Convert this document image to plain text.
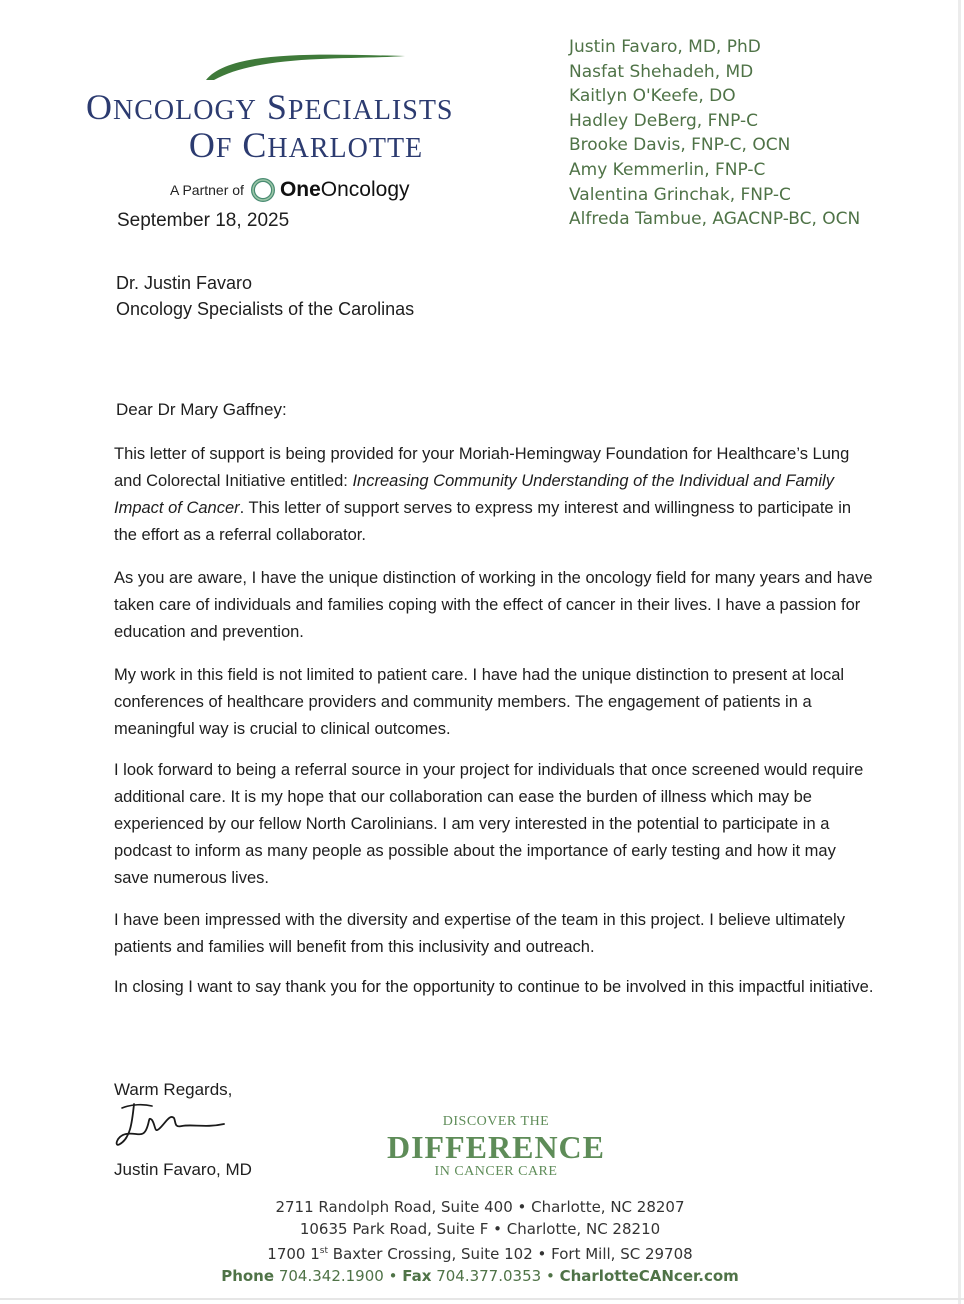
ONCOLOGY SPECIALISTS
OF CHARLOTTE
A Partner of One Oncology
September 18, 2025
Justin Favaro, MD, PhD
Nasfat Shehadeh, MD
Kaitlyn O'Keefe, DO
Hadley DeBerg, FNP-C
Brooke Davis, FNP-C, OCN
Amy Kemmerlin, FNP-C
Valentina Grinchak, FNP-C
Alfreda Tambue, AGACNP-BC, OCN
Dr. Justin Favaro
Oncology Specialists of the Carolinas
Dear Dr Mary Gaffney:

This letter of support is being provided for your Moriah-Hemingway Foundation for Healthcare’s Lung and Colorectal Initiative entitled: Increasing Community Understanding of the Individual and Family Impact of Cancer. This letter of support serves to express my interest and willingness to participate in the effort as a referral collaborator.

As you are aware, I have the unique distinction of working in the oncology field for many years and have taken care of individuals and families coping with the effect of cancer in their lives. I have a passion for education and prevention.

My work in this field is not limited to patient care. I have had the unique distinction to present at local conferences of healthcare providers and community members. The engagement of patients in a meaningful way is crucial to clinical outcomes.

I look forward to being a referral source in your project for individuals that once screened would require additional care. It is my hope that our collaboration can ease the burden of illness which may be experienced by our fellow North Carolinians. I am very interested in the potential to participate in a podcast to inform as many people as possible about the importance of early testing and how it may save numerous lives.

I have been impressed with the diversity and expertise of the team in this project. I believe ultimately patients and families will benefit from this inclusivity and outreach.

In closing I want to say thank you for the opportunity to continue to be involved in this impactful initiative.

Warm Regards,
Justin Favaro, MD
DISCOVER THE
DIFFERENCE
IN CANCER CARE
2711 Randolph Road, Suite 400 • Charlotte, NC 28207
10635 Park Road, Suite F • Charlotte, NC 28210
1700 1st Baxter Crossing, Suite 102 • Fort Mill, SC 29708
Phone 704.342.1900 • Fax 704.377.0353 • CharlotteCANcer.com
